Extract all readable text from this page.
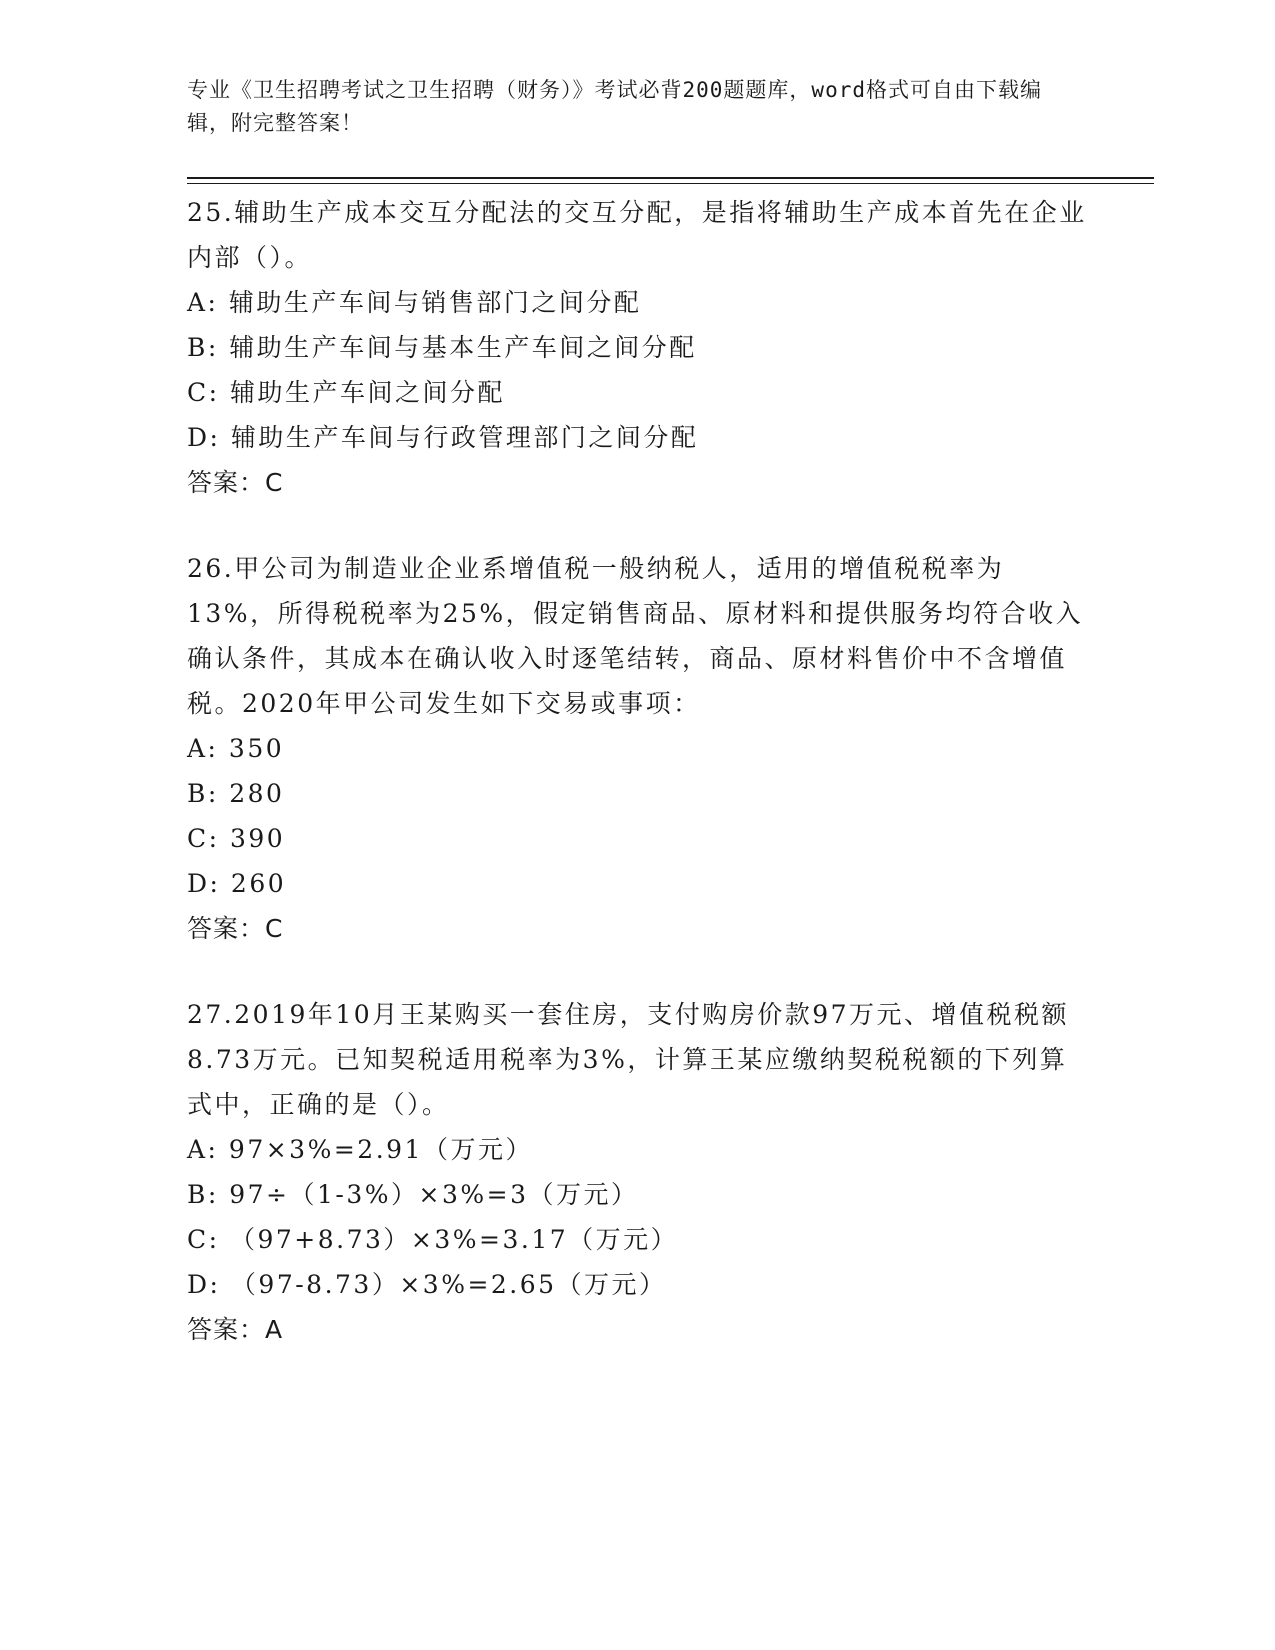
专业《卫生招聘考试之卫生招聘（财务）》考试必背200题题库，word格式可自由下载编辑，附完整答案！

25.辅助生产成本交互分配法的交互分配，是指将辅助生产成本首先在企业内部（）。

A: 辅助生产车间与销售部门之间分配

B: 辅助生产车间与基本生产车间之间分配

C: 辅助生产车间之间分配

D: 辅助生产车间与行政管理部门之间分配

答案：C

26.甲公司为制造业企业系增值税一般纳税人，适用的增值税税率为13%，所得税税率为25%，假定销售商品、原材料和提供服务均符合收入确认条件，其成本在确认收入时逐笔结转，商品、原材料售价中不含增值税。2020年甲公司发生如下交易或事项：

A: 350

B: 280

C: 390

D: 260

答案：C

27.2019年10月王某购买一套住房，支付购房价款97万元、增值税税额8.73万元。已知契税适用税率为3%，计算王某应缴纳契税税额的下列算式中，正确的是（）。

A: 97×3%=2.91（万元）

B: 97÷（1-3%）×3%=3（万元）

C: （97+8.73）×3%=3.17（万元）

D: （97-8.73）×3%=2.65（万元）

答案：A
